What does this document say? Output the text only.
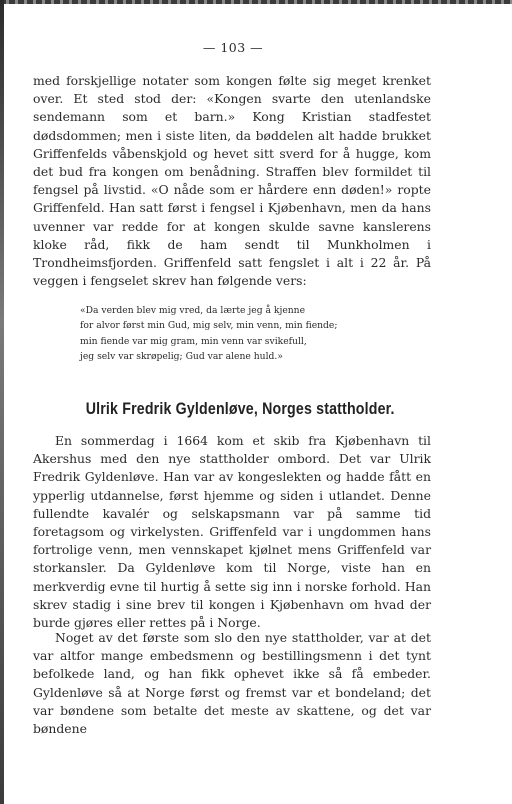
— 103 —

med forskjellige notater som kongen følte sig meget krenket over. Et sted stod der: «Kongen svarte den utenlandske sendemann som et barn.» Kong Kristian stadfestet dødsdommen; men i siste liten, da bøddelen alt hadde brukket Griffenfelds våbenskjold og hevet sitt sverd for å hugge, kom det bud fra kongen om benådning. Straffen blev formildet til fengsel på livstid. «O nåde som er hårdere enn døden!» ropte Griffenfeld. Han satt først i fengsel i Kjøbenhavn, men da hans uvenner var redde for at kongen skulde savne kanslerens kloke råd, fikk de ham sendt til Munkholmen i Trondheimsfjorden. Griffenfeld satt fengslet i alt i 22 år. På veggen i fengselet skrev han følgende vers:

«Da verden blev mig vred, da lærte jeg å kjenne
for alvor først min Gud, mig selv, min venn, min fiende;
min fiende var mig gram, min venn var svikefull,
jeg selv var skrøpelig; Gud var alene huld.»
Ulrik Fredrik Gyldenløve, Norges stattholder.

En sommerdag i 1664 kom et skib fra Kjøbenhavn til Akershus med den nye stattholder ombord. Det var Ulrik Fredrik Gyldenløve. Han var av kongeslekten og hadde fått en ypperlig utdannelse, først hjemme og siden i utlandet. Denne fullendte kavalér og selskapsmann var på samme tid foretagsom og virkelysten. Griffenfeld var i ungdommen hans fortrolige venn, men vennskapet kjølnet mens Griffenfeld var storkansler. Da Gyldenløve kom til Norge, viste han en merkverdig evne til hurtig å sette sig inn i norske forhold. Han skrev stadig i sine brev til kongen i Kjøbenhavn om hvad der burde gjøres eller rettes på i Norge.

Noget av det første som slo den nye stattholder, var at det var altfor mange embedsmenn og bestillingsmenn i det tynt befolkede land, og han fikk ophevet ikke så få embeder. Gyldenløve så at Norge først og fremst var et bondeland; det var bøndene som betalte det meste av skattene, og det var bøndene
